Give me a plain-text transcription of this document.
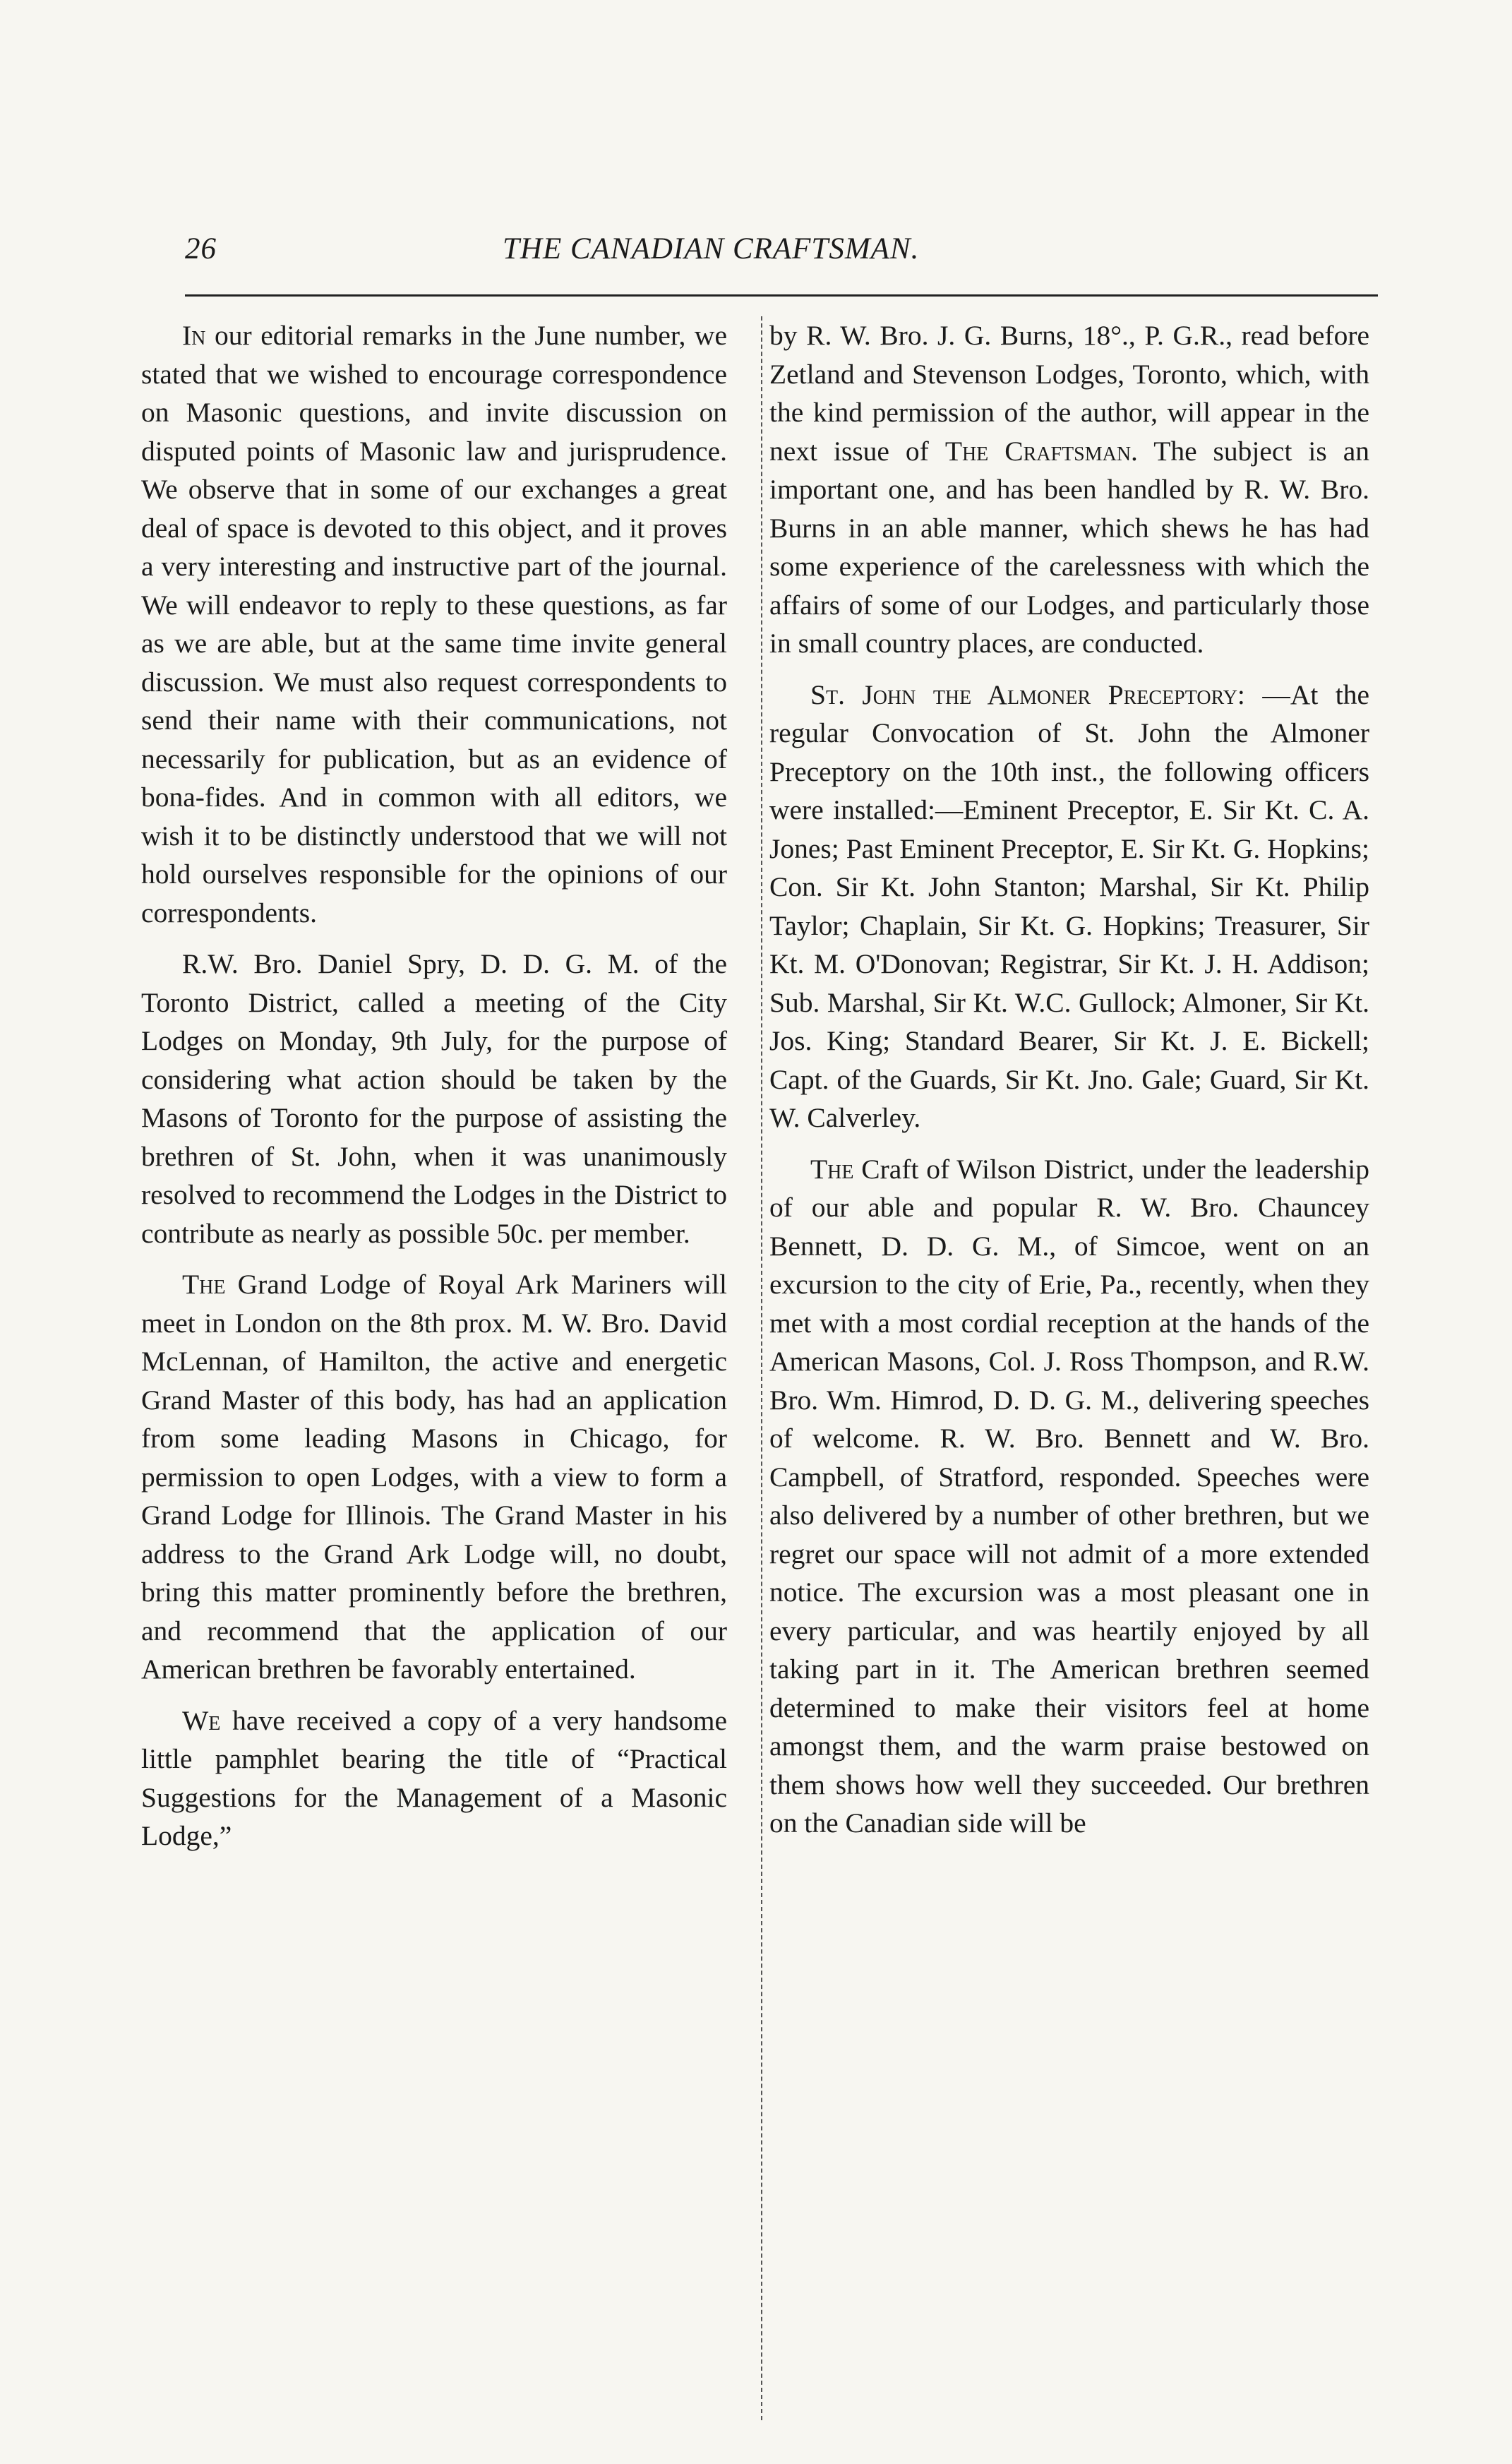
26	THE CANADIAN CRAFTSMAN.

In our editorial remarks in the June number, we stated that we wished to encourage correspondence on Masonic questions, and invite discussion on disputed points of Masonic law and jurisprudence. We observe that in some of our exchanges a great deal of space is devoted to this object, and it proves a very interesting and instructive part of the journal. We will endeavor to reply to these questions, as far as we are able, but at the same time invite general discussion. We must also request correspondents to send their name with their communications, not necessarily for publication, but as an evidence of bona-fides. And in common with all editors, we wish it to be distinctly understood that we will not hold ourselves responsible for the opinions of our correspondents.

R.W. Bro. Daniel Spry, D. D. G. M. of the Toronto District, called a meeting of the City Lodges on Monday, 9th July, for the purpose of considering what action should be taken by the Masons of Toronto for the purpose of assisting the brethren of St. John, when it was unanimously resolved to recommend the Lodges in the District to contribute as nearly as possible 50c. per member.

The Grand Lodge of Royal Ark Mariners will meet in London on the 8th prox. M. W. Bro. David McLennan, of Hamilton, the active and energetic Grand Master of this body, has had an application from some leading Masons in Chicago, for permission to open Lodges, with a view to form a Grand Lodge for Illinois. The Grand Master in his address to the Grand Ark Lodge will, no doubt, bring this matter prominently before the brethren, and recommend that the application of our American brethren be favorably entertained.

We have received a copy of a very handsome little pamphlet bearing the title of “Practical Suggestions for the Management of a Masonic Lodge,”

by R. W. Bro. J. G. Burns, 18°., P. G.R., read before Zetland and Stevenson Lodges, Toronto, which, with the kind permission of the author, will appear in the next issue of The Craftsman. The subject is an important one, and has been handled by R. W. Bro. Burns in an able manner, which shews he has had some experience of the carelessness with which the affairs of some of our Lodges, and particularly those in small country places, are conducted.

St. John the Almoner Preceptory: —At the regular Convocation of St. John the Almoner Preceptory on the 10th inst., the following officers were installed:—Eminent Preceptor, E. Sir Kt. C. A. Jones; Past Eminent Preceptor, E. Sir Kt. G. Hopkins; Con. Sir Kt. John Stanton; Marshal, Sir Kt. Philip Taylor; Chaplain, Sir Kt. G. Hopkins; Treasurer, Sir Kt. M. O'Donovan; Registrar, Sir Kt. J. H. Addison; Sub. Marshal, Sir Kt. W.C. Gullock; Almoner, Sir Kt. Jos. King; Standard Bearer, Sir Kt. J. E. Bickell; Capt. of the Guards, Sir Kt. Jno. Gale; Guard, Sir Kt. W. Calverley.

The Craft of Wilson District, under the leadership of our able and popular R. W. Bro. Chauncey Bennett, D. D. G. M., of Simcoe, went on an excursion to the city of Erie, Pa., recently, when they met with a most cordial reception at the hands of the American Masons, Col. J. Ross Thompson, and R.W. Bro. Wm. Himrod, D. D. G. M., delivering speeches of welcome. R. W. Bro. Bennett and W. Bro. Campbell, of Stratford, responded. Speeches were also delivered by a number of other brethren, but we regret our space will not admit of a more extended notice. The excursion was a most pleasant one in every particular, and was heartily enjoyed by all taking part in it. The American brethren seemed determined to make their visitors feel at home amongst them, and the warm praise bestowed on them shows how well they succeeded. Our brethren on the Canadian side will be
